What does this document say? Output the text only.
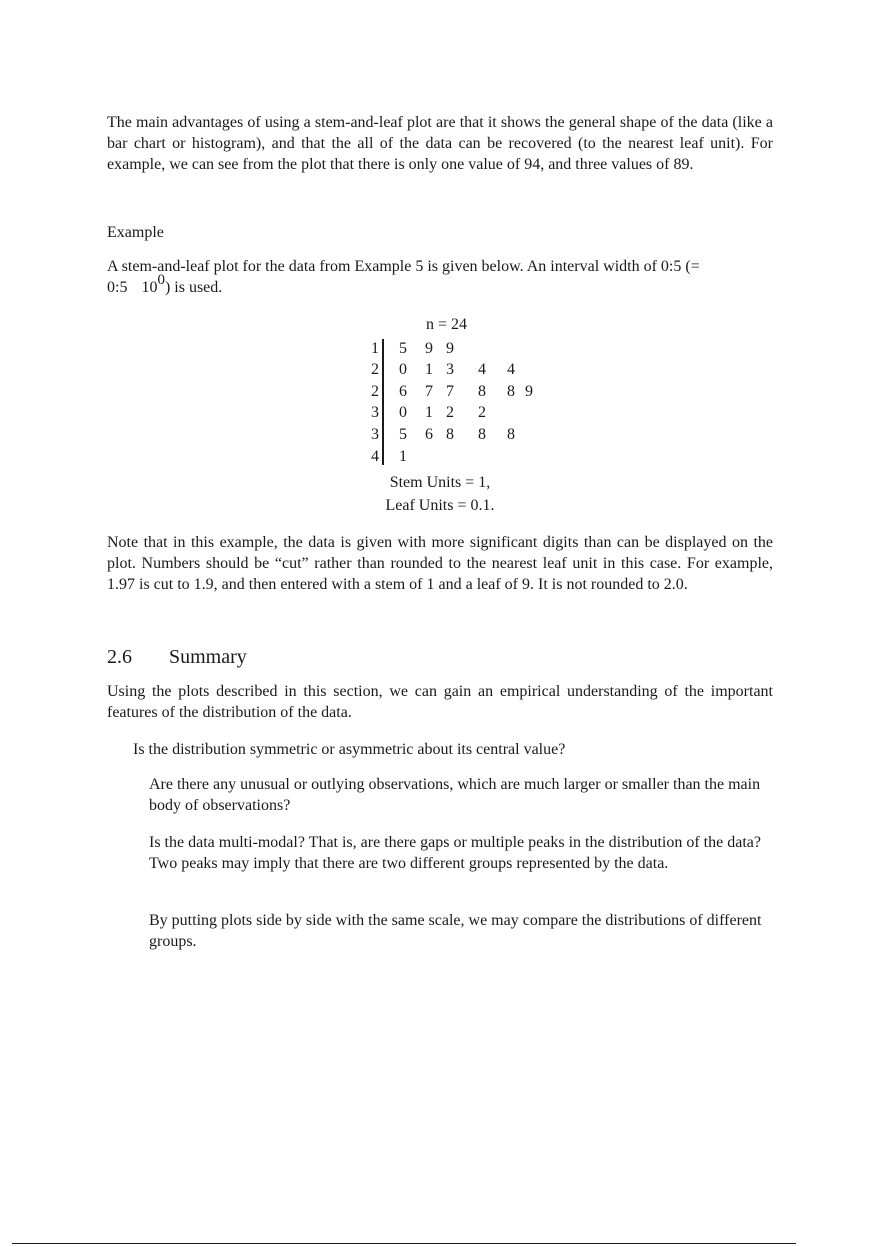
The main advantages of using a stem-and-leaf plot are that it shows the general shape of the data (like a bar chart or histogram), and that the all of the data can be recovered (to the nearest leaf unit). For example, we can see from the plot that there is only one value of 94, and three values of 89.

Example

A stem-and-leaf plot for the data from Example 5 is given below. An interval width of 0:5 (=
0:5 100) is used.

n = 24
1 5 9 9
2 0 1 3 4 4
2 6 7 7 8 8 9
3 0 1 2 2
3 5 6 8 8 8
4 1
Stem Units = 1,
Leaf Units = 0.1.

Note that in this example, the data is given with more significant digits than can be displayed on the plot. Numbers should be “cut” rather than rounded to the nearest leaf unit in this case. For example, 1.97 is cut to 1.9, and then entered with a stem of 1 and a leaf of 9. It is not rounded to 2.0.

2.6 Summary

Using the plots described in this section, we can gain an empirical understanding of the important features of the distribution of the data.

Is the distribution symmetric or asymmetric about its central value?

Are there any unusual or outlying observations, which are much larger or smaller than the main body of observations?

Is the data multi-modal? That is, are there gaps or multiple peaks in the distribution of the data? Two peaks may imply that there are two different groups represented by the data.

By putting plots side by side with the same scale, we may compare the distributions of different groups.
